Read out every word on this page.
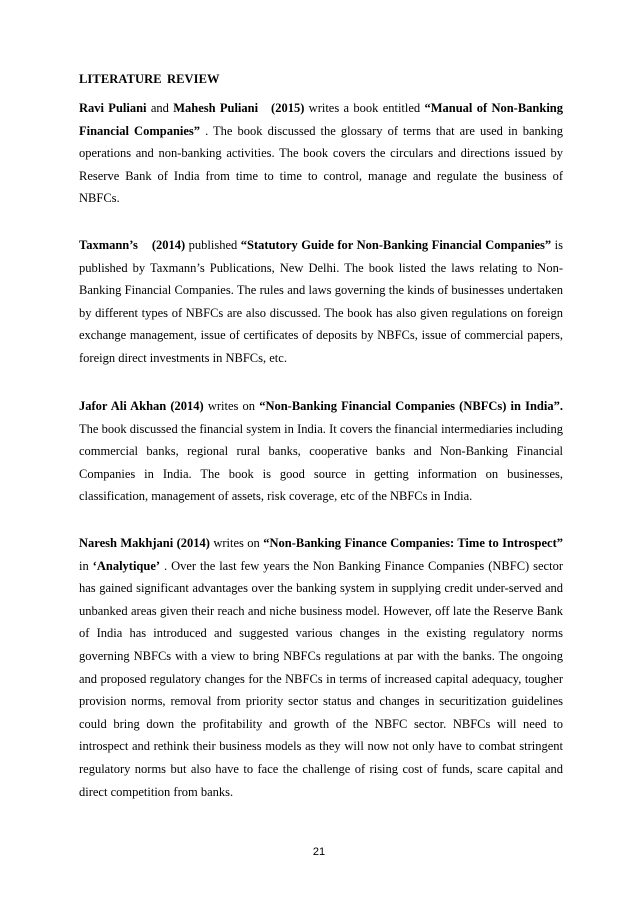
LITERATURE REVIEW

Ravi Puliani and Mahesh Puliani (2015) writes a book entitled “Manual of Non-Banking Financial Companies” . The book discussed the glossary of terms that are used in banking operations and non-banking activities. The book covers the circulars and directions issued by Reserve Bank of India from time to time to control, manage and regulate the business of NBFCs.

Taxmann’s (2014) published “Statutory Guide for Non-Banking Financial Companies” is published by Taxmann’s Publications, New Delhi. The book listed the laws relating to Non-Banking Financial Companies. The rules and laws governing the kinds of businesses undertaken by different types of NBFCs are also discussed. The book has also given regulations on foreign exchange management, issue of certificates of deposits by NBFCs, issue of commercial papers, foreign direct investments in NBFCs, etc.

Jafor Ali Akhan (2014) writes on “Non-Banking Financial Companies (NBFCs) in India”. The book discussed the financial system in India. It covers the financial intermediaries including commercial banks, regional rural banks, cooperative banks and Non-Banking Financial Companies in India. The book is good source in getting information on businesses, classification, management of assets, risk coverage, etc of the NBFCs in India.

Naresh Makhjani (2014) writes on “Non-Banking Finance Companies: Time to Introspect” in ‘Analytique’ . Over the last few years the Non Banking Finance Companies (NBFC) sector has gained significant advantages over the banking system in supplying credit under-served and unbanked areas given their reach and niche business model. However, off late the Reserve Bank of India has introduced and suggested various changes in the existing regulatory norms governing NBFCs with a view to bring NBFCs regulations at par with the banks. The ongoing and proposed regulatory changes for the NBFCs in terms of increased capital adequacy, tougher provision norms, removal from priority sector status and changes in securitization guidelines could bring down the profitability and growth of the NBFC sector. NBFCs will need to introspect and rethink their business models as they will now not only have to combat stringent regulatory norms but also have to face the challenge of rising cost of funds, scare capital and direct competition from banks.

21
